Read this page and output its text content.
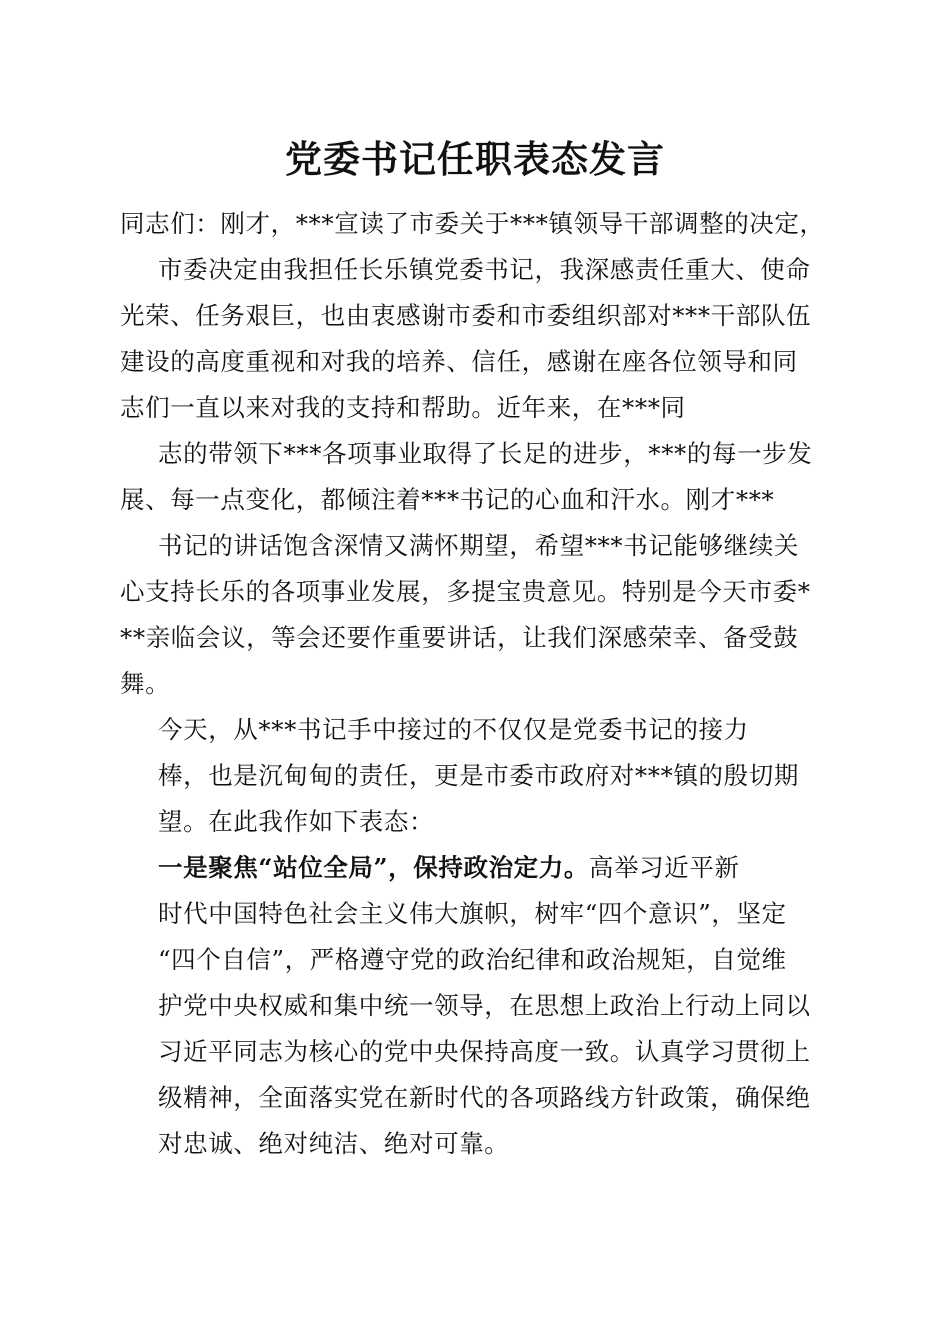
党委书记任职表态发言

同志们：刚才，***宣读了市委关于***镇领导干部调整的决定，

市委决定由我担任长乐镇党委书记，我深感责任重大、使命

光荣、任务艰巨，也由衷感谢市委和市委组织部对***干部队伍

建设的高度重视和对我的培养、信任，感谢在座各位领导和同

志们一直以来对我的支持和帮助。近年来，在***同

志的带领下***各项事业取得了长足的进步，***的每一步发

展、每一点变化，都倾注着***书记的心血和汗水。刚才***

书记的讲话饱含深情又满怀期望，希望***书记能够继续关

心支持长乐的各项事业发展，多提宝贵意见。特别是今天市委*

**亲临会议，等会还要作重要讲话，让我们深感荣幸、备受鼓

舞。

今天，从***书记手中接过的不仅仅是党委书记的接力

棒，也是沉甸甸的责任，更是市委市政府对***镇的殷切期

望。在此我作如下表态：

一是聚焦“站位全局”，保持政治定力。高举习近平新

时代中国特色社会主义伟大旗帜，树牢“四个意识”，坚定

“四个自信”，严格遵守党的政治纪律和政治规矩，自觉维

护党中央权威和集中统一领导，在思想上政治上行动上同以

习近平同志为核心的党中央保持高度一致。认真学习贯彻上

级精神，全面落实党在新时代的各项路线方针政策，确保绝

对忠诚、绝对纯洁、绝对可靠。
